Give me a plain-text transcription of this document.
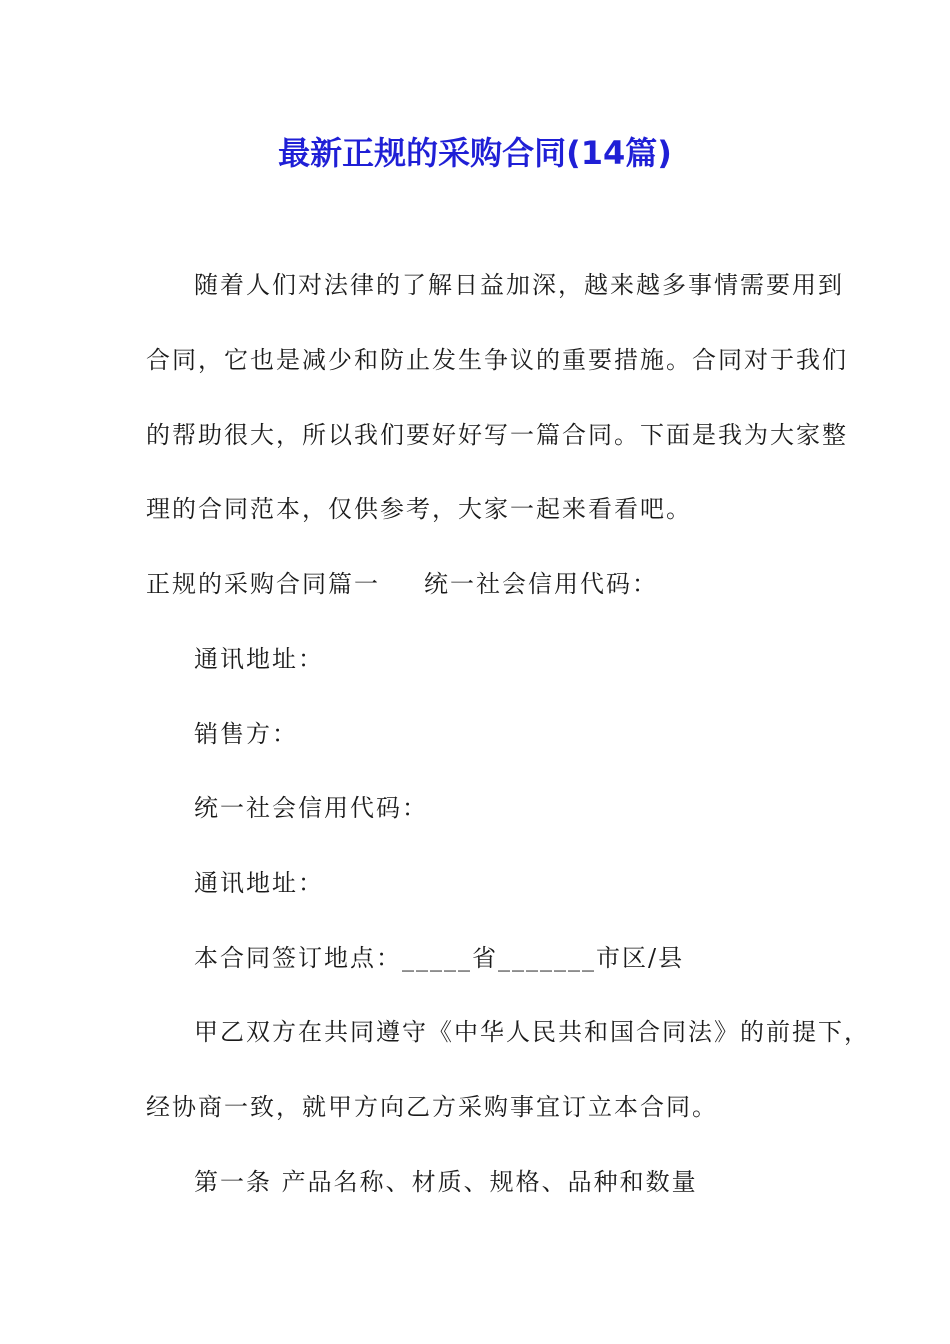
最新正规的采购合同(14篇)

随着人们对法律的了解日益加深，越来越多事情需要用到

合同，它也是减少和防止发生争议的重要措施。合同对于我们

的帮助很大，所以我们要好好写一篇合同。下面是我为大家整

理的合同范本，仅供参考，大家一起来看看吧。

正规的采购合同篇一 统一社会信用代码：

通讯地址：

销售方：

统一社会信用代码：

通讯地址：

本合同签订地点：_____省_______市区/县

甲乙双方在共同遵守《中华人民共和国合同法》的前提下，

经协商一致，就甲方向乙方采购事宜订立本合同。

第一条 产品名称、材质、规格、品种和数量
